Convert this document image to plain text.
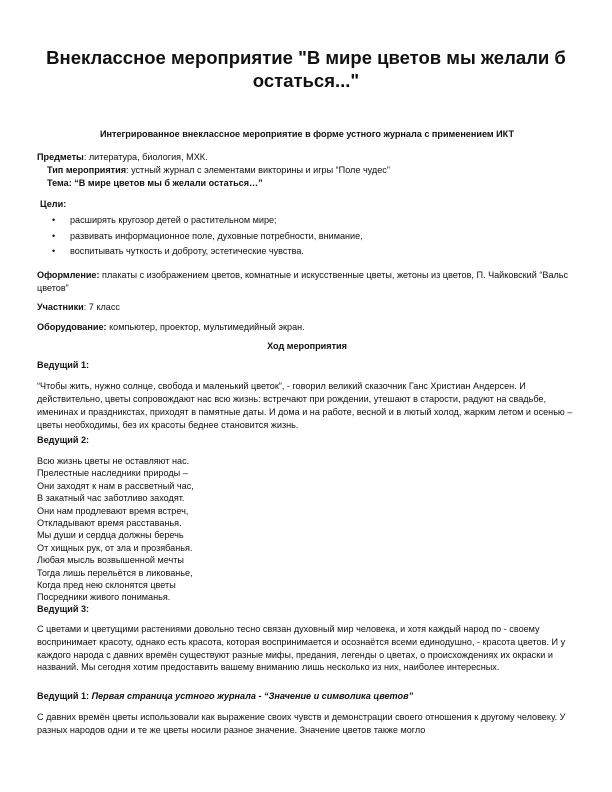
Внеклассное мероприятие "В мире цветов мы желали б остаться..."
Интегрированное внеклассное мероприятие в форме устного журнала с применением ИКТ
Предметы: литература, биология, МХК.
Тип мероприятия: устный журнал с элементами викторины и игры “Поле чудес”
Тема: “В мире цветов мы б желали остаться…”
Цели:
• расширять кругозор детей о растительном мире;
• развивать информационное поле, духовные потребности, внимание,
• воспитывать чуткость и доброту, эстетические чувства.
Оформление: плакаты с изображением цветов, комнатные и искусственные цветы, жетоны из цветов, П. Чайковский “Вальс цветов”
Участники: 7 класс
Оборудование: компьютер, проектор, мультимедийный экран.
Ход мероприятия
Ведущий 1:
“Чтобы жить, нужно солнце, свобода и маленький цветок”, - говорил великий сказочник Ганс Христиан Андерсен. И действительно, цветы сопровождают нас всю жизнь: встречают при рождении, утешают в старости, радуют на свадьбе, именинах и праздникстах, приходят в памятные даты. И дома и на работе, весной и в лютый холод, жарким летом и осенью – цветы необходимы, без их красоты беднее становится жизнь.
Ведущий 2:
Всю жизнь цветы не оставляют нас.
Прелестные наследники природы –
Они заходят к нам в рассветный час,
В закатный час заботливо заходят.
Они нам продлевают время встреч,
Откладывают время расставанья.
Мы души и сердца должны беречь
От хищных рук, от зла и прозябанья.
Любая мысль возвышенной мечты
Тогда лишь перельётся в ликованье,
Когда пред нею склонятся цветы
Посредники живого пониманья.
Ведущий 3:
С цветами и цветущими растениями довольно тесно связан духовный мир человека, и хотя каждый народ по - своему воспринимает красоту, однако есть красота, которая воспринимается и осознаётся всеми единодушно, - красота цветов. И у каждого народа с давних времён существуют разные мифы, предания, легенды о цветах, о происхождениях их окраски и названий. Мы сегодня хотим предоставить вашему вниманию лишь несколько из них, наиболее интересных.
Ведущий 1: Первая страница устного журнала - “Значение и символика цветов”
С давних времён цветы использовали как выражение своих чувств и демонстрации своего отношения к другому человеку. У разных народов одни и те же цветы носили разное значение. Значение цветов также могло
